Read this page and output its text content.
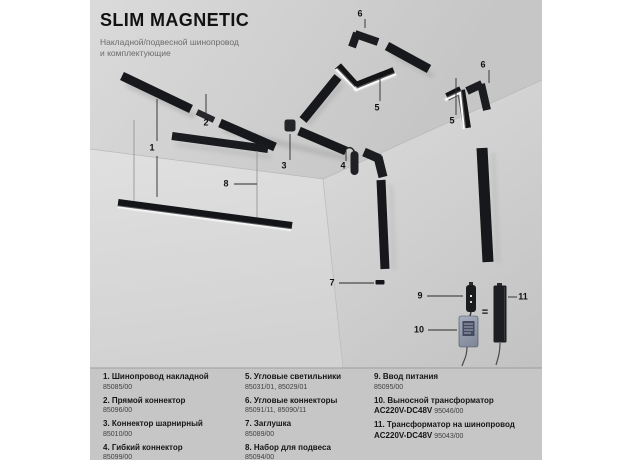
SLIM MAGNETIC
Накладной/подвесной шинопровод
и комплектующие
1
2
3	4
5
5
6
6
7
8
9
10
11
=
1. Шинопровод накладной
85085/00
2. Прямой коннектор
85096/00
3. Коннектор шарнирный
85010/00
4. Гибкий коннектор
85099/00
5. Угловые светильники
85031/01, 85029/01
6. Угловые коннекторы
85091/11, 85090/11
7. Заглушка
85089/00
8. Набор для подвеса
85094/00
9. Ввод питания
85095/00
10. Выносной трансформатор
AC220V-DC48V 95046/00
11. Трансформатор на шинопровод
AC220V-DC48V 95043/00
